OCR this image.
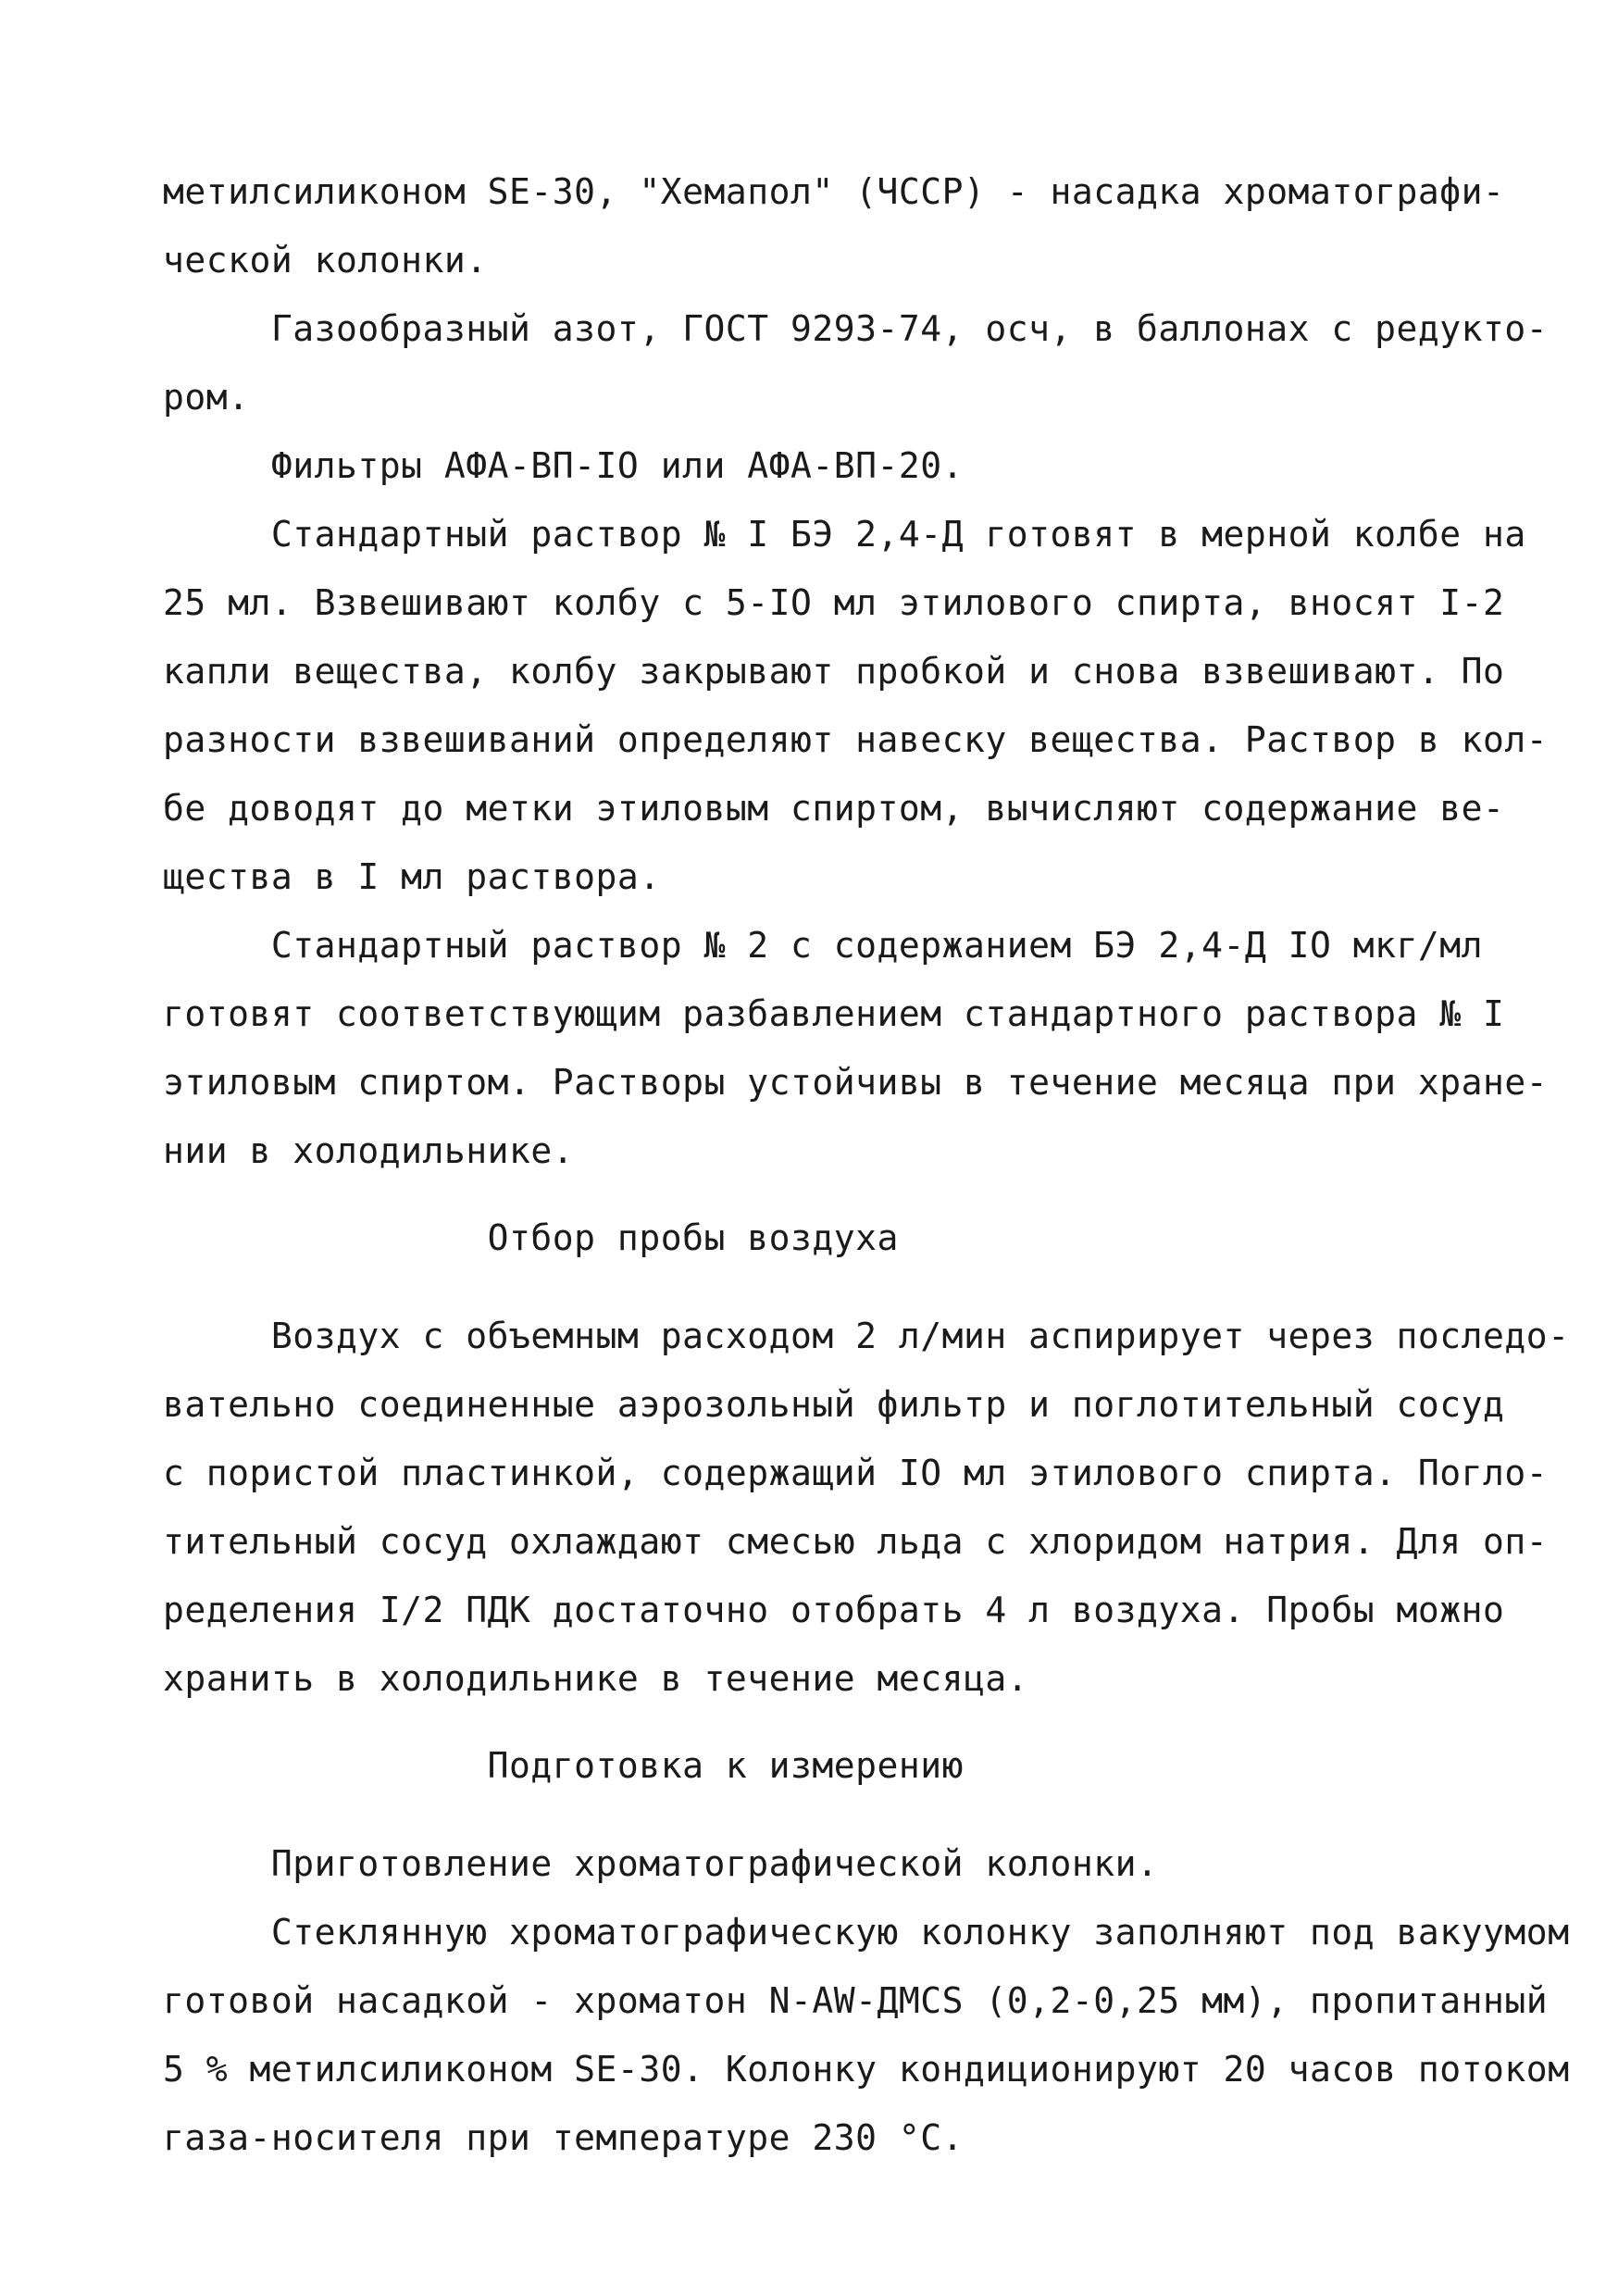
метилсиликоном SE-30, "Хемапол" (ЧССР) - насадка хроматографи-
ческой колонки.
Газообразный азот, ГОСТ 9293-74, осч, в баллонах с редукто-
ром.
Фильтры АФА-ВП-IO или АФА-ВП-20.
Стандартный раствор № I БЭ 2,4-Д готовят в мерной колбе на
25 мл. Взвешивают колбу с 5-IO мл этилового спирта, вносят I-2
капли вещества, колбу закрывают пробкой и снова взвешивают. По
разности взвешиваний определяют навеску вещества. Раствор в кол-
бе доводят до метки этиловым спиртом, вычисляют содержание ве-
щества в I мл раствора.
Стандартный раствор № 2 с содержанием БЭ 2,4-Д IO мкг/мл
готовят соответствующим разбавлением стандартного раствора № I
этиловым спиртом. Растворы устойчивы в течение месяца при хране-
нии в холодильнике.
Отбор пробы воздуха
Воздух с объемным расходом 2 л/мин аспирирует через последо-
вательно соединенные аэрозольный фильтр и поглотительный сосуд
с пористой пластинкой, содержащий IO мл этилового спирта. Погло-
тительный сосуд охлаждают смесью льда с хлоридом натрия. Для оп-
ределения I/2 ПДК достаточно отобрать 4 л воздуха. Пробы можно
хранить в холодильнике в течение месяца.
Подготовка к измерению
Приготовление хроматографической колонки.
Стеклянную хроматографическую колонку заполняют под вакуумом
готовой насадкой - хроматон N-AW-ДМCS (0,2-0,25 мм), пропитанный
5 % метилсиликоном SE-30. Колонку кондиционируют 20 часов потоком
газа-носителя при температуре 230 °С.
